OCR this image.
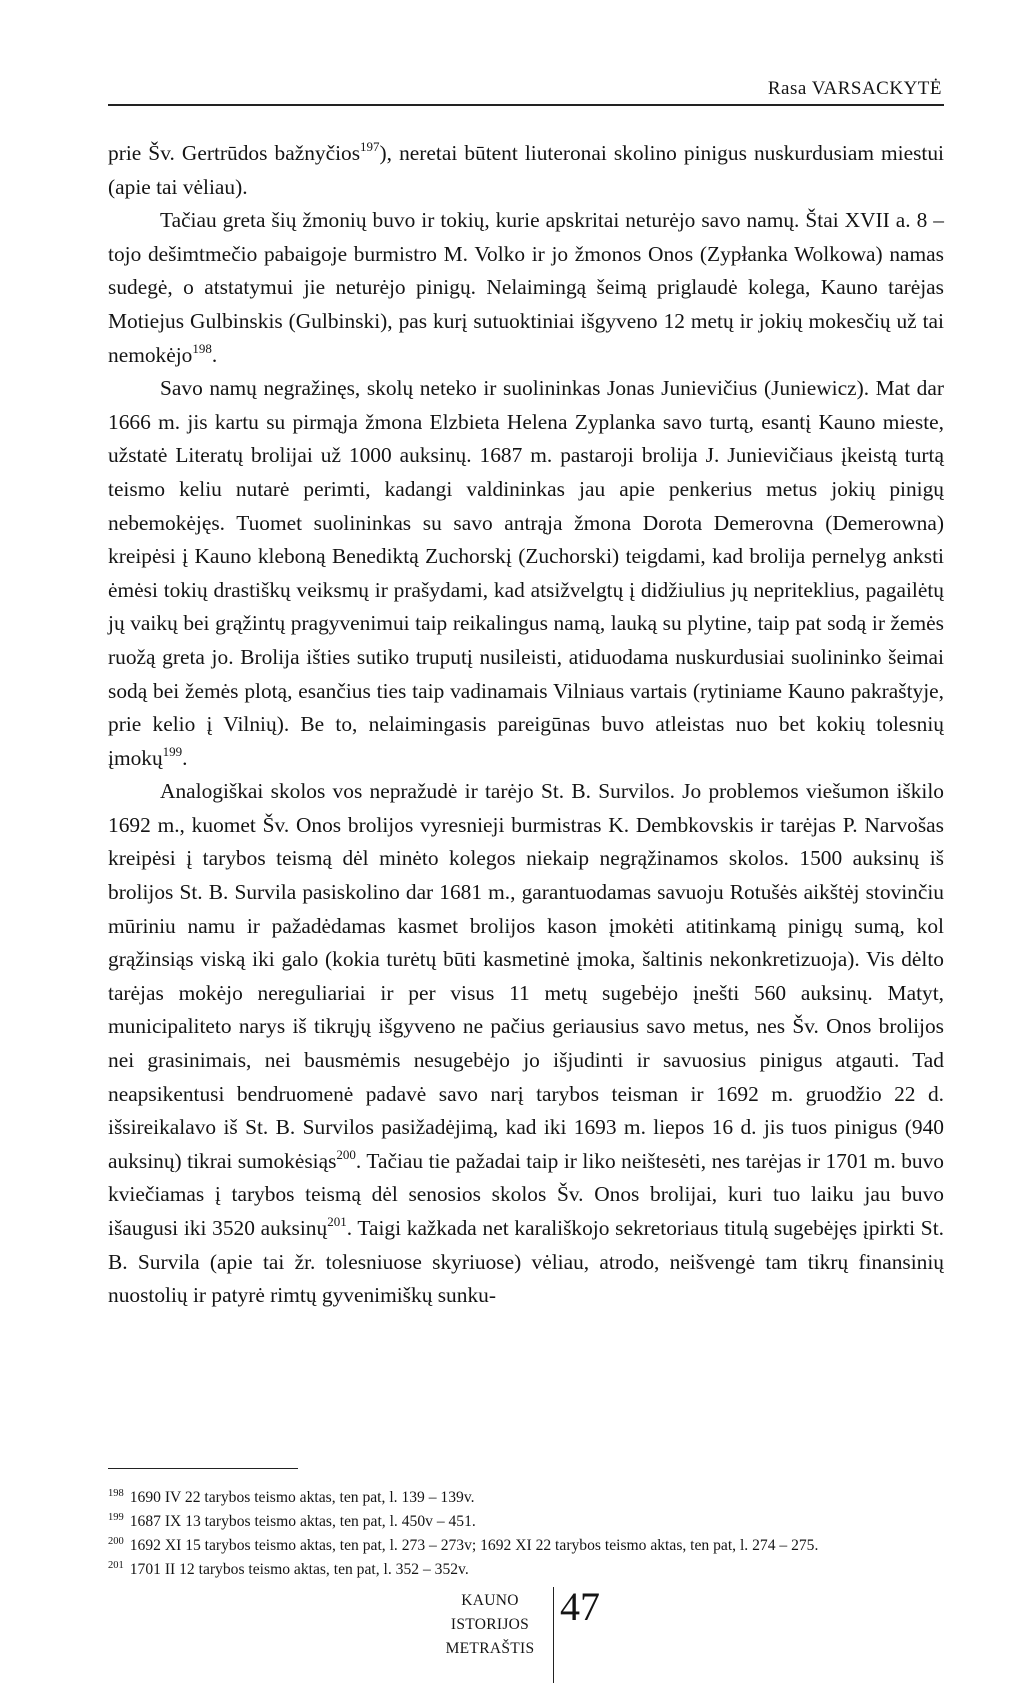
Rasa VARSACKYTĖ

prie Šv. Gertrūdos bažnyčios$^{197}$), neretai būtent liuteronai skolino pinigus nuskurdusiam miestui (apie tai vėliau).

Tačiau greta šių žmonių buvo ir tokių, kurie apskritai neturėjo savo namų. Štai XVII a. 8 – tojo dešimtmečio pabaigoje burmistro M. Volko ir jo žmonos Onos (Zypłanka Wolkowa) namas sudegė, o atstatymui jie neturėjo pinigų. Nelaimingą šeimą priglaudė kolega, Kauno tarėjas Motiejus Gulbinskis (Gulbinski), pas kurį sutuoktiniai išgyveno 12 metų ir jokių mokesčių už tai nemokėjo$^{198}$.

Savo namų negražinęs, skolų neteko ir suolininkas Jonas Junievičius (Juniewicz). Mat dar 1666 m. jis kartu su pirmąja žmona Elzbieta Helena Zyplanka savo turtą, esantį Kauno mieste, užstatė Literatų brolijai už 1000 auksinų. 1687 m. pastaroji brolija J. Junievičiaus įkeistą turtą teismo keliu nutarė perimti, kadangi valdininkas jau apie penkerius metus jokių pinigų nebemokėjęs. Tuomet suolininkas su savo antrąja žmona Dorota Demerovna (Demerowna) kreipėsi į Kauno kleboną Benediktą Zuchorskį (Zuchorski) teigdami, kad brolija pernelyg anksti ėmėsi tokių drastiškų veiksmų ir prašydami, kad atsižvelgtų į didžiulius jų nepriteklius, pagailėtų jų vaikų bei grąžintų pragyvenimui taip reikalingus namą, lauką su plytine, taip pat sodą ir žemės ruožą greta jo. Brolija išties sutiko truputį nusileisti, atiduodama nuskurdusiai suolininko šeimai sodą bei žemės plotą, esančius ties taip vadinamais Vilniaus vartais (rytiniame Kauno pakraštyje, prie kelio į Vilnių). Be to, nelaimingasis pareigūnas buvo atleistas nuo bet kokių tolesnių įmokų$^{199}$.

Analogiškai skolos vos nepražudė ir tarėjo St. B. Survilos. Jo problemos viešumon iškilo 1692 m., kuomet Šv. Onos brolijos vyresnieji burmistras K. Dembkovskis ir tarėjas P. Narvošas kreipėsi į tarybos teismą dėl minėto kolegos niekaip negrąžinamos skolos. 1500 auksinų iš brolijos St. B. Survila pasiskolino dar 1681 m., garantuodamas savuoju Rotušės aikštėj stovinčiu mūriniu namu ir pažadėdamas kasmet brolijos kason įmokėti atitinkamą pinigų sumą, kol grąžinsiąs viską iki galo (kokia turėtų būti kasmetinė įmoka, šaltinis nekonkretizuoja). Vis dėlto tarėjas mokėjo nereguliariai ir per visus 11 metų sugebėjo įnešti 560 auksinų. Matyt, municipaliteto narys iš tikrųjų išgyveno ne pačius geriausius savo metus, nes Šv. Onos brolijos nei grasinimais, nei bausmėmis nesugebėjo jo išjudinti ir savuosius pinigus atgauti. Tad neapsikentusi bendruomenė padavė savo narį tarybos teisman ir 1692 m. gruodžio 22 d. išsireikalavo iš St. B. Survilos pasižadėjimą, kad iki 1693 m. liepos 16 d. jis tuos pinigus (940 auksinų) tikrai sumokėsiąs$^{200}$. Tačiau tie pažadai taip ir liko neištesėti, nes tarėjas ir 1701 m. buvo kviečiamas į tarybos teismą dėl senosios skolos Šv. Onos brolijai, kuri tuo laiku jau buvo išaugusi iki 3520 auksinų$^{201}$. Taigi kažkada net karališkojo sekretoriaus titulą sugebėjęs įpirkti St. B. Survila (apie tai žr. tolesniuose skyriuose) vėliau, atrodo, neišvengė tam tikrų finansinių nuostolių ir patyrė rimtų gyvenimiškų sunku-

$^{198}$ 1690 IV 22 tarybos teismo aktas, ten pat, l. 139 – 139v.

$^{199}$ 1687 IX 13 tarybos teismo aktas, ten pat, l. 450v – 451.

$^{200}$ 1692 XI 15 tarybos teismo aktas, ten pat, l. 273 – 273v; 1692 XI 22 tarybos teismo aktas, ten pat, l. 274 – 275.

$^{201}$ 1701 II 12 tarybos teismo aktas, ten pat, l. 352 – 352v.

KAUNO
ISTORIJOS
METRAŠTIS
47
